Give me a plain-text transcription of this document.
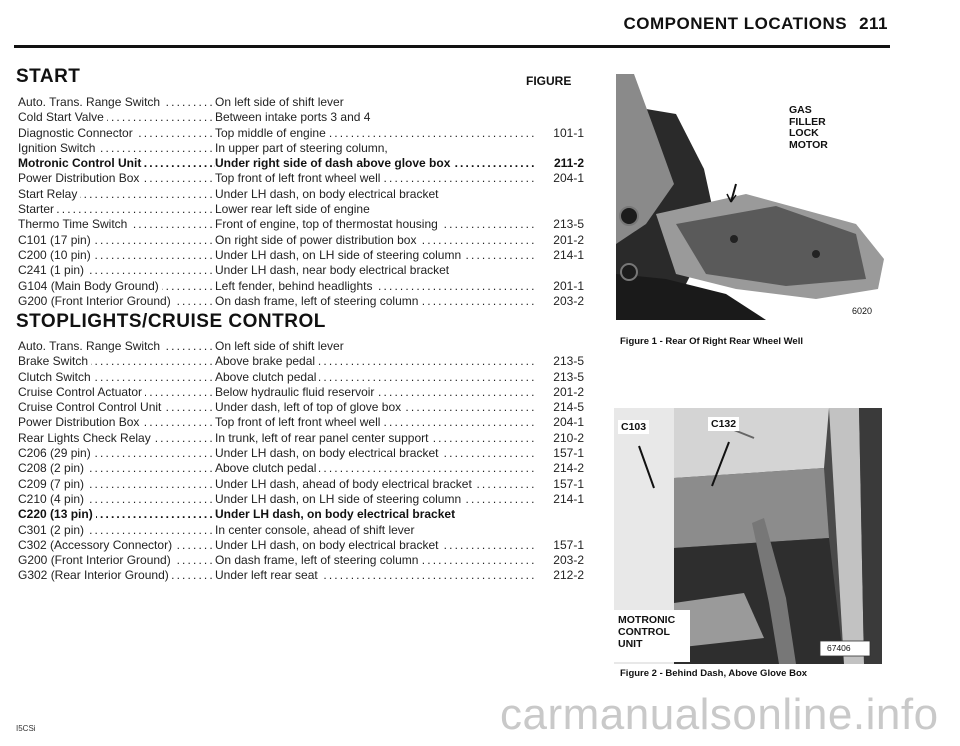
COMPONENT LOCATIONS 211
START	FIGURE
Auto. Trans. Range Switch . . .	On left side of shift lever
Cold Start Valve . . .	Between intake ports 3 and 4
Diagnostic Connector . . .	Top middle of engine . . .	101-1
Ignition Switch . . .	In upper part of steering column,
Motronic Control Unit . . .	Under right side of dash above glove box . . .	211-2
Power Distribution Box . . .	Top front of left front wheel well . . .	204-1
Start Relay . . .	Under LH dash, on body electrical bracket
Starter . . .	Lower rear left side of engine
Thermo Time Switch . . .	Front of engine, top of thermostat housing . . .	213-5
C101 (17 pin) . . .	On right side of power distribution box . . .	201-2
C200 (10 pin) . . .	Under LH dash, on LH side of steering column . . .	214-1
C241 (1 pin) . . .	Under LH dash, near body electrical bracket
G104 (Main Body Ground) . . .	Left fender, behind headlights . . .	201-1
G200 (Front Interior Ground) . . .	On dash frame, left of steering column . . .	203-2
STOPLIGHTS/CRUISE CONTROL
Auto. Trans. Range Switch . . .	On left side of shift lever
Brake Switch . . .	Above brake pedal . . .	213-5
Clutch Switch . . .	Above clutch pedal . . .	213-5
Cruise Control Actuator . . .	Below hydraulic fluid reservoir . . .	201-2
Cruise Control Control Unit . . .	Under dash, left of top of glove box . . .	214-5
Power Distribution Box . . .	Top front of left front wheel well . . .	204-1
Rear Lights Check Relay . . .	In trunk, left of rear panel center support . . .	210-2
C206 (29 pin) . . .	Under LH dash, on body electrical bracket . . .	157-1
C208 (2 pin) . . .	Above clutch pedal . . .	214-2
C209 (7 pin) . . .	Under LH dash, ahead of body electrical bracket . . .	157-1
C210 (4 pin) . . .	Under LH dash, on LH side of steering column . . .	214-1
C220 (13 pin) . . .	Under LH dash, on body electrical bracket
C301 (2 pin) . . .	In center console, ahead of shift lever
C302 (Accessory Connector) . . .	Under LH dash, on body electrical bracket . . .	157-1
G200 (Front Interior Ground) . . .	On dash frame, left of steering column . . .	203-2
G302 (Rear Interior Ground) . . .	Under left rear seat . . .	212-2
GAS
FILLER
LOCK
MOTOR
6020
Figure 1 - Rear Of Right Rear Wheel Well
C103	C132
MOTRONIC
CONTROL
UNIT	67406
Figure 2 - Behind Dash, Above Glove Box
I5CSi	carmanualsonline.info
